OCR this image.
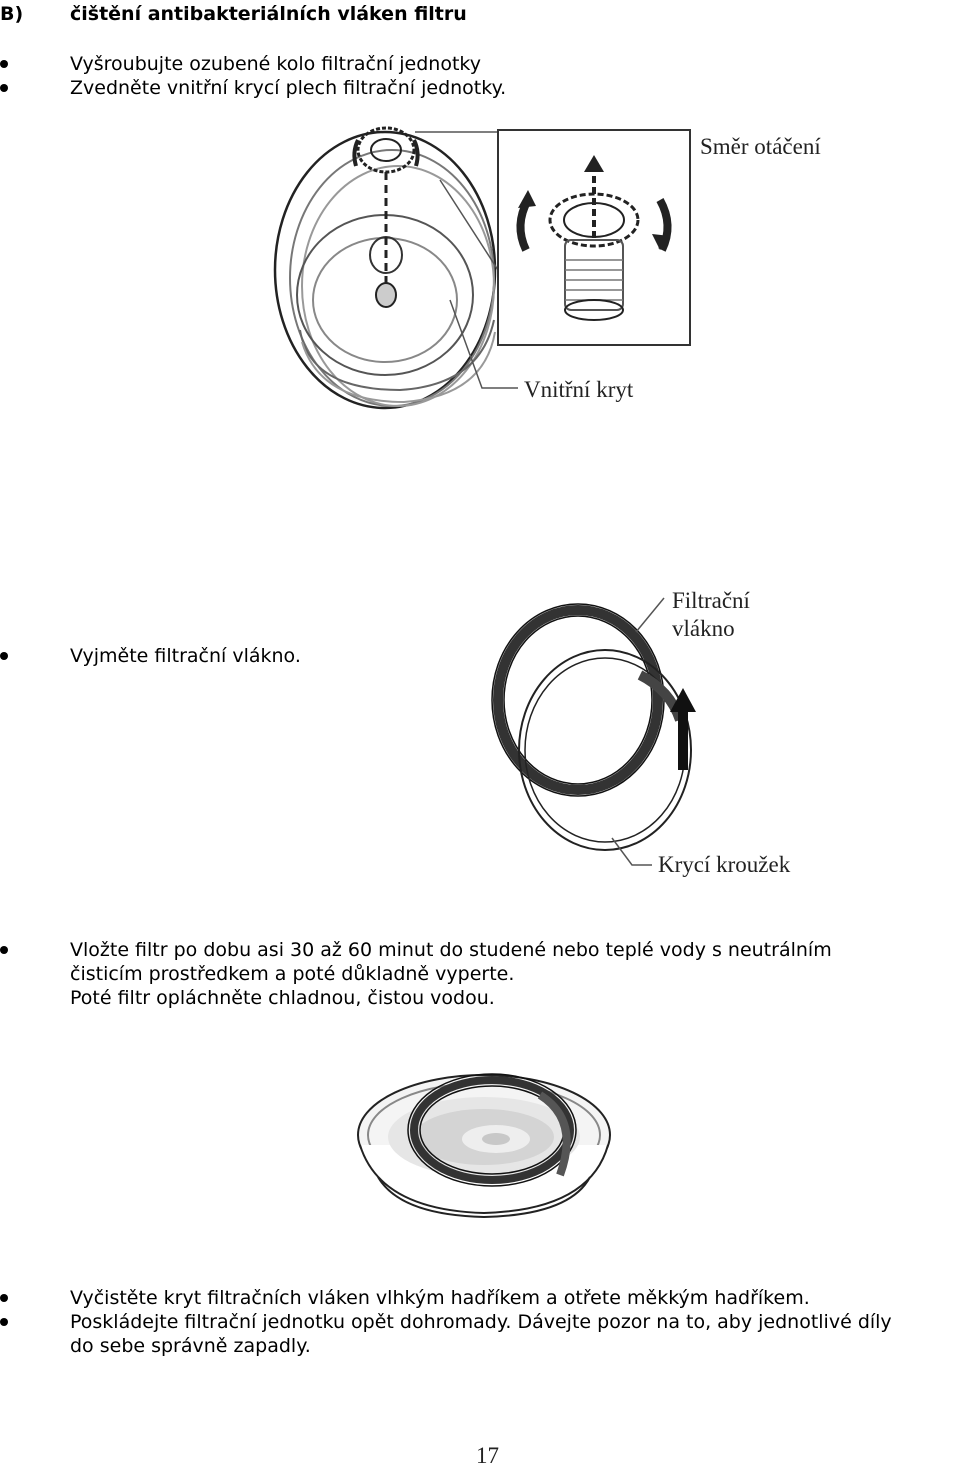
B) čištění antibakteriálních vláken filtru
Vyšroubujte ozubené kolo filtrační jednotky
Zvedněte vnitřní krycí plech filtrační jednotky.
Směr otáčení
Vnitřní kryt
Vyjměte filtrační vlákno.
Filtrační
vlákno
Krycí kroužek
Vložte filtr po dobu asi 30 až 60 minut do studené nebo teplé vody s neutrálním
čisticím prostředkem a poté důkladně vyperte.
Poté filtr opláchněte chladnou, čistou vodou.
Vyčistěte kryt filtračních vláken vlhkým hadříkem a otřete měkkým hadříkem.
Poskládejte filtrační jednotku opět dohromady. Dávejte pozor na to, aby jednotlivé díly
do sebe správně zapadly.
17
